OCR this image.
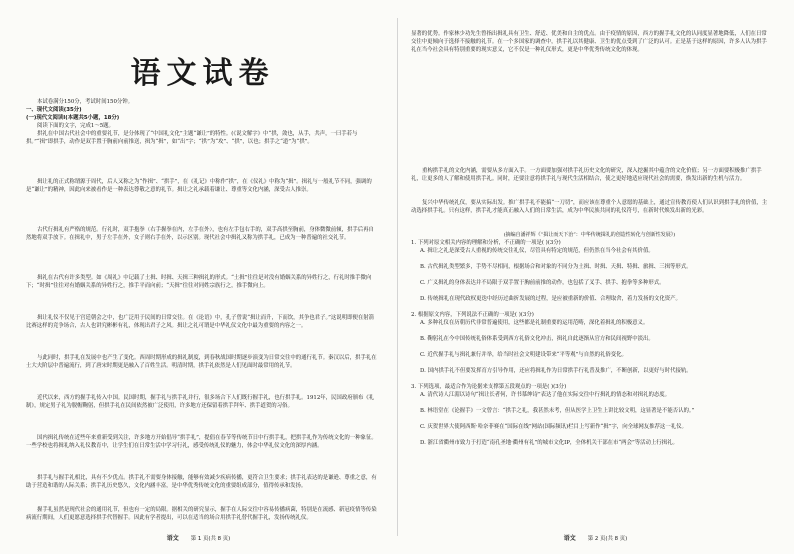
语文试卷
本试卷满分150分，考试时间150分钟。
一、现代文阅读(35分)
(一)现代文阅读Ⅰ(本题共5小题，18分)
阅读下面的文字，完成1～5题。
拱礼在中国古代社会中的重要礼节，是分体现了“中国礼文化”主题“谦让”的特性。(《说文解字》中“拱，敛也，从手，共声，一曰手若与拱。”“揖”即拱手，动作是双手置于胸前向前推送，揖为“揖”，如“出”字；“拱”为“攻”、“拱”，以也；拱手之“道”为“拱”。
揖让礼的正式称谓源于周代，后人又称之为“作揖”、“拱手”，在《礼记》中称作“拱”，在《仪礼》中称为“揖”。揖礼与一般礼节不同，强调的是“谦让”的精神，因此向来被看作是一种表达尊敬之意的礼节。揖让之礼承载着谦让、尊重等文化内涵，深受古人推崇。
古代行揖礼有严格的规范。行礼时，双手抱拳（右手握拳在内，左手在外），也有左手包右手的，双手高拱至胸前，身体微微前倾，拱手后再自然地将双手放下。在揖礼中，男子左手在外，女子则右手在外，以示区别。现代社会中揖礼又称为拱手礼，已成为一种普遍的社交礼节。
揖礼在古代有许多类型。如《周礼》中记载了土揖、时揖、天揖三种揖礼的形式。“土揖”往往是对没有婚姻关系的异姓行之，行礼时推手微向下；“时揖”往往对有婚姻关系的异姓行之，推手平而向前；“天揖”往往对同姓宗族行之，推手微向上。
揖让礼仪不仅见于宫廷朝会之中，也广泛用于民间的日常交往。在《论语》中，孔子曾说“揖让而升，下而饮，其争也君子。”这说明即便在射箭比赛这样的竞争场合，古人也讲究彬彬有礼，体现出君子之风。揖让之礼可谓是中华礼仪文化中最为重要的内容之一。
与此同时，拱手礼在发展中也产生了变化。西周时期形成的揖礼制度，到春秋战国时期逐步演变为日常交往中的通行礼节。秦汉以后，拱手礼在士大夫阶层中普遍流行，到了唐宋时期更是融入了百姓生活。明清时期，拱手礼依然是人们见面时最常用的礼节。
近代以来，西方的握手礼传入中国。民国时期，握手礼与拱手礼并行，很多场合下人们既行握手礼，也行拱手礼。1912年，民国政府颁布《礼制》，规定男子礼为脱帽鞠躬，但拱手礼在民间依然被广泛使用，许多地方还保留着拱手拜年、拱手道贺的习俗。
国内揖礼传统在近些年来重新受到关注，许多地方开始倡导“拱手礼”，提倡在春节等传统节日中行拱手礼，把拱手礼作为传统文化的一种象征。一些学校也将揖礼纳入礼仪教育中，让学生们在日常生活中学习行礼，感受传统礼仪的魅力，体会中华礼仪文化的深厚内涵。
拱手礼与握手礼相比，具有不少优点。拱手礼不需要身体接触，能够有效减少疾病传播，更符合卫生要求；拱手礼表达的是谦逊、尊重之意，有助于营造和谐的人际关系；拱手礼历史悠久，文化内涵丰富，是中华优秀传统文化的重要组成部分，值得传承和发扬。
握手礼虽然是现代社会的通用礼节，但也有一定的局限。据相关的研究显示，握手在人际交往中容易传播病菌，特别是在流感、新冠疫情等传染病流行期间，人们更愿意选择拱手代替握手。因此有学者提出，可以在适当的场合用拱手礼替代握手礼，发扬传统礼仪。
语文 第 1 页(共 8 页)
显著的优势。作家林少功先生曾指出揖礼具有卫生、舒适、优美和自主的优点。由于疫情的原因，西方的握手礼文化的认同度显著地降低，人们在日常交往中更倾向于选择不接触的礼节。在一个多国家的调查中，拱手礼以其健康、卫生的优点受到了广泛的认可。正是基于这样的原因，许多人认为拱手礼在当今社会具有特别重要的现实意义，它不仅是一种礼仪形式，更是中华优秀传统文化的体现。
重构拱手礼的文化内涵，需要从多方面入手。一方面要加强对拱手礼历史文化的研究，深入挖掘其中蕴含的文化价值；另一方面要积极推广拱手礼，让更多的人了解和使用拱手礼。同时，还要注意将拱手礼与现代生活相结合，使之更好地适应现代社会的需要，焕发出新的生机与活力。
复兴中华传统礼仪，要从实际出发。推广拱手礼不能搞“一刀切”，而应该在尊重个人意愿的基础上，通过宣传教育使人们认识到拱手礼的价值，主动选择拱手礼。只有这样，拱手礼才能真正融入人们的日常生活，成为中华民族共同的礼仪符号，在新时代焕发出新的光彩。
(摘编自潘祥辉《“揖让而天下治”：中华传统揖礼的创造性转化与创新性发展》)
1. 下列对原文相关内容的理解和分析，不正确的一项是( )(3分)
A. 揖让之礼是深受古人重视的传统交往礼仪，尽管具有特定的规范，但仍然在当今社会有其价值。
B. 古代揖礼类型繁多，手势不尽相同，根据场合和对象的不同分为土揖、时揖、天揖、特揖、旅揖、三揖等形式。
C. 广义揖礼的身体表达并不局限于双手置于胸前前推的动作，也包括了叉手、拱手、抱拳等多种形式。
D. 传统揖礼在现代政权更迭中经历过曲折发展的过程，是应被重新的价值、合理取舍，着力发扬的文化资产。
2. 根据原文内容，下列说法不正确的一项是( )(3分)
A. 多种礼仪在历朝历代非常普遍使用，这些都是礼制重要的运用范畴，深化着揖礼的积极意义。
B. 鞠躬礼在今中国传统礼俗体系受到西方礼俗文化冲击，揖礼自此逐渐从官方和民间视野中淡出。
C. 近代握手礼与揖礼兼行并举，给当时社会文明建设带来“平等观”与自然的礼俗变化。
D. 国内拱手礼不但要发挥育方引导作用，还应将揖礼作为日常拱手行礼普及推广，不断创新，以更好与时代接轨。
3. 下列选项，最适合作为论据来支撑第五段观点的一项是( )(3分)
A. 清代诗人江湄以诗句“揖让长者何，许书慕绅诗”表达了他在实际交往中行揖礼的情态和对揖礼的态度。
B. 林语堂在《论握手》一文曾言：“拱手之礼，我甚然未考，但从医学上卫生上讲比较文明，这显著是不能否认的。”
C. 庆贺世界大使阿西斯·哈奈菲赛在“国际在线”网站(国际频讯)栏目上写新作“揖”字，向全球网友推荐这一礼仪。
D. 浙江省衢州市致力于打造“南孔圣地·衢州有礼”的城市文化IP，全体机关干部在市“两会”等活动上行揖礼。
语文 第 2 页(共 8 页)
